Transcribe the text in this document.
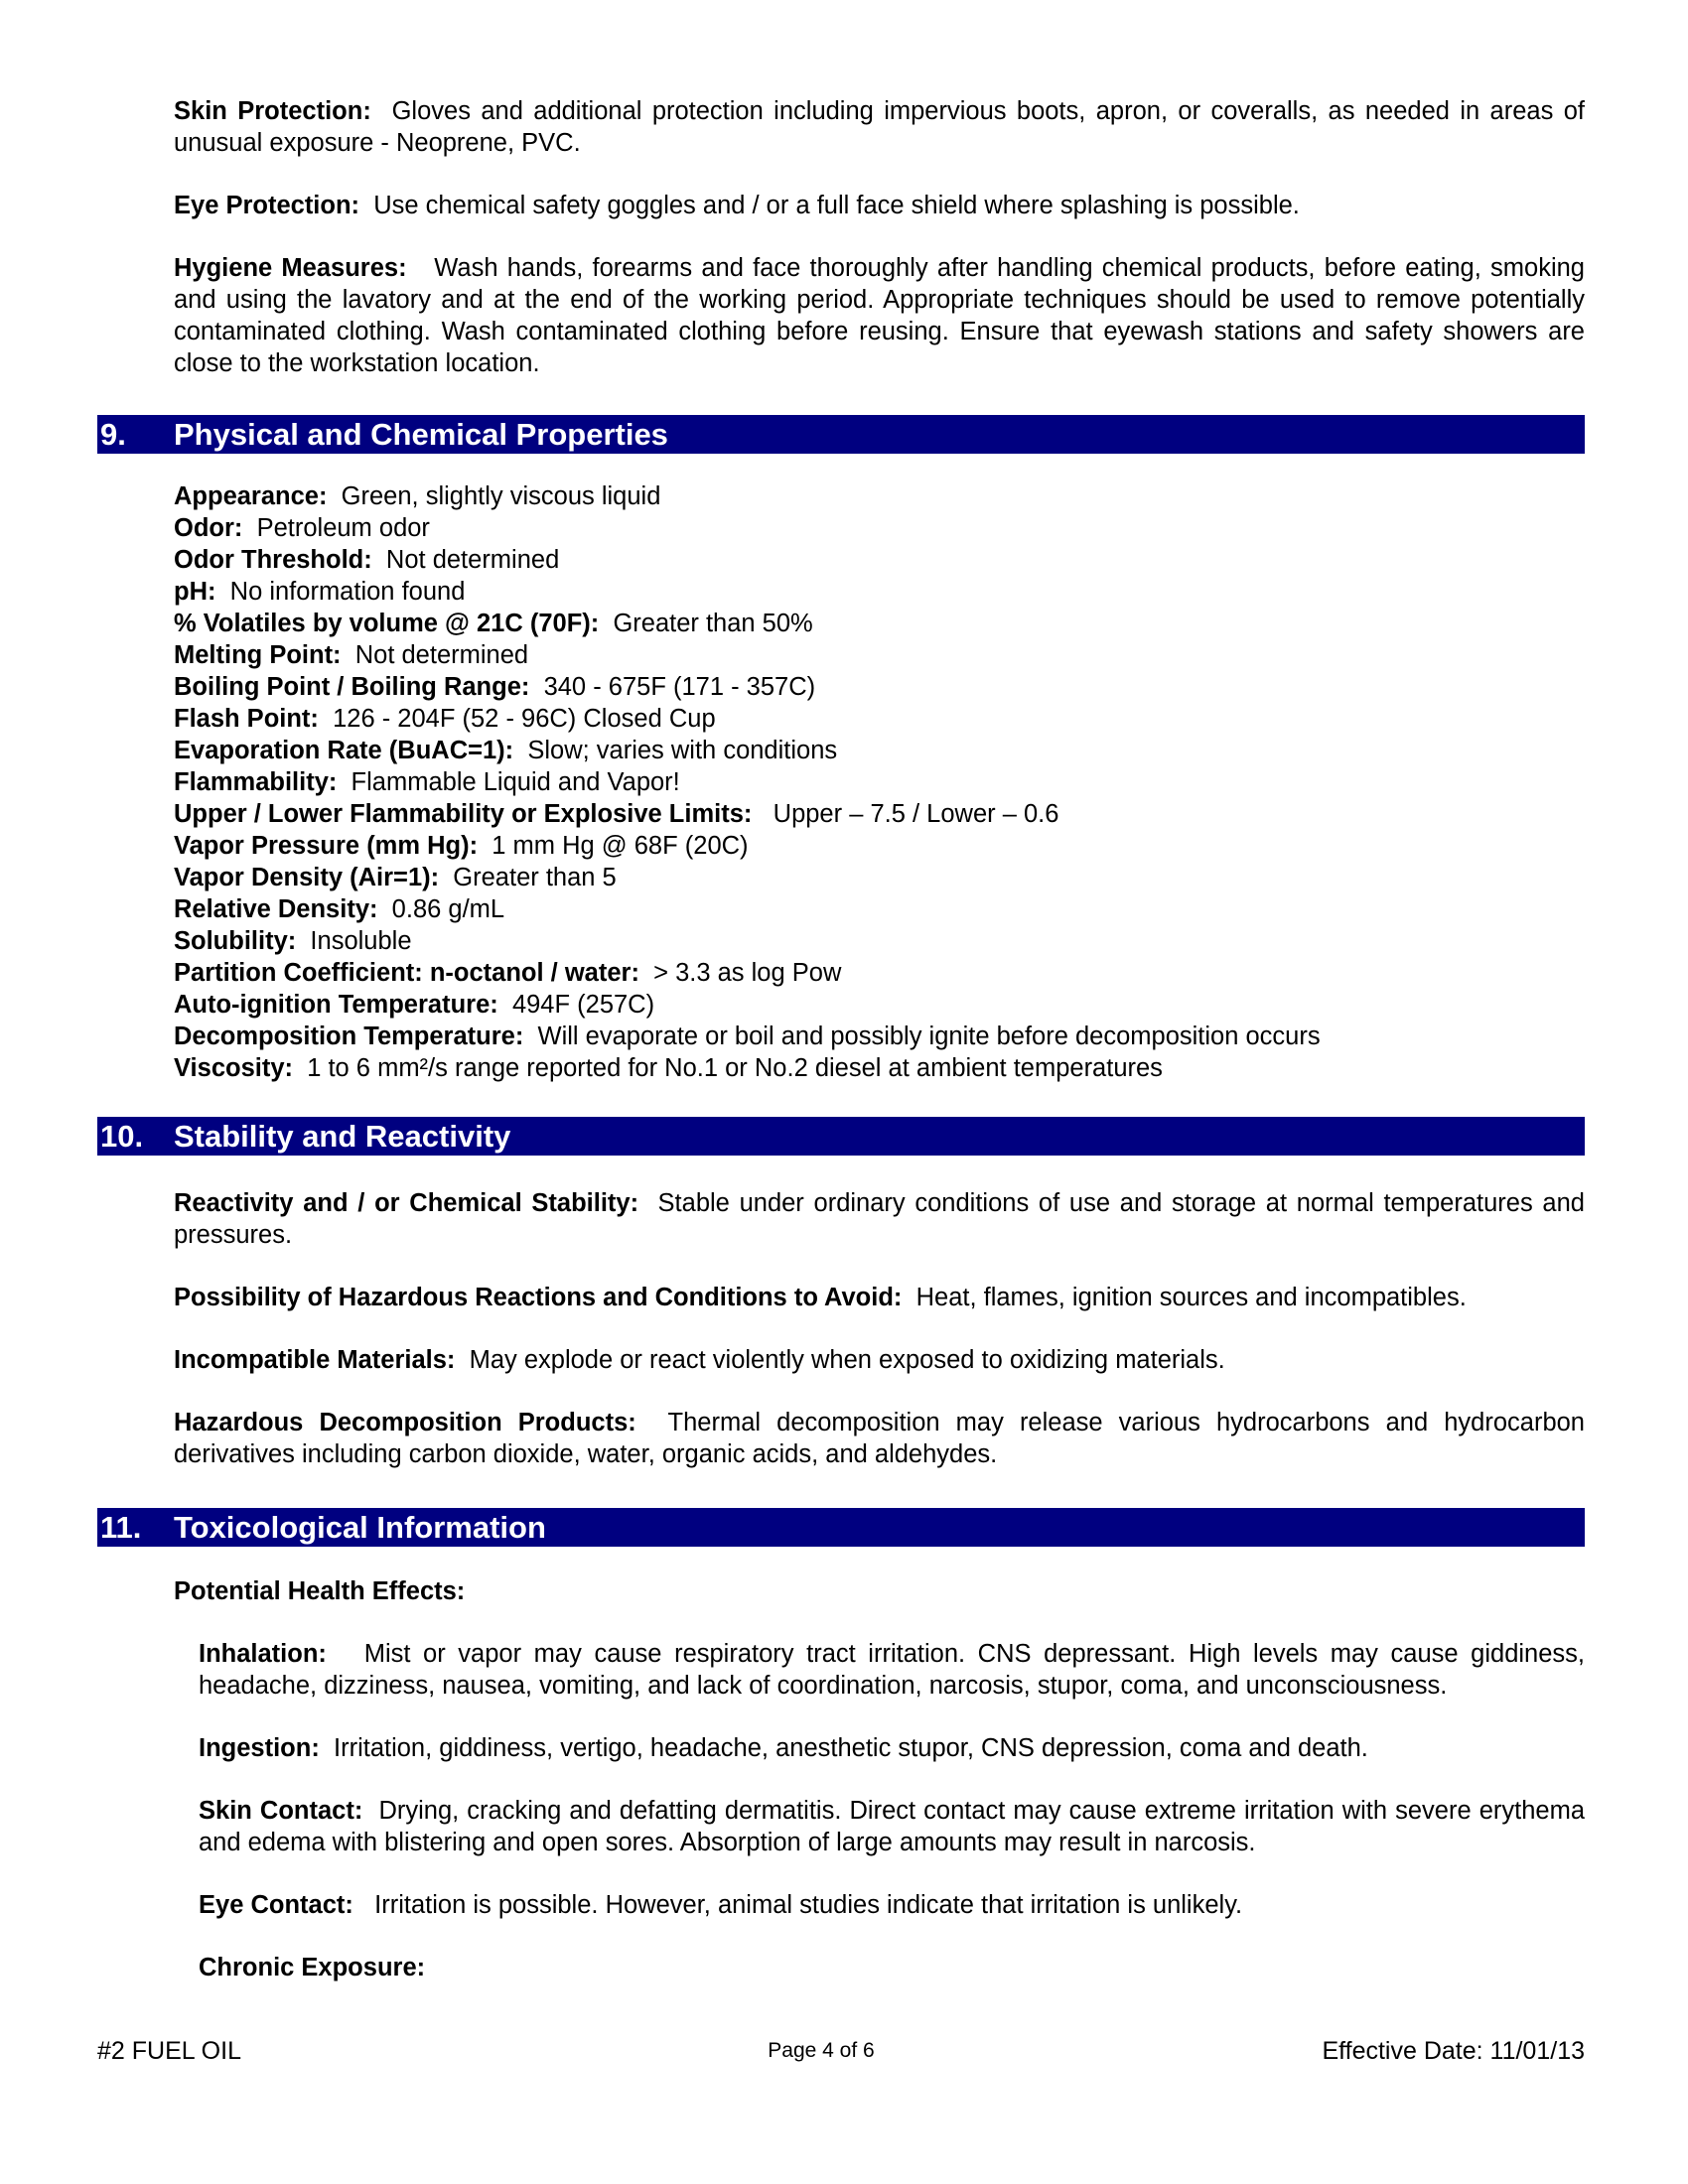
Skin Protection: Gloves and additional protection including impervious boots, apron, or coveralls, as needed in areas of unusual exposure - Neoprene, PVC.

Eye Protection: Use chemical safety goggles and / or a full face shield where splashing is possible.

Hygiene Measures: Wash hands, forearms and face thoroughly after handling chemical products, before eating, smoking and using the lavatory and at the end of the working period. Appropriate techniques should be used to remove potentially contaminated clothing. Wash contaminated clothing before reusing. Ensure that eyewash stations and safety showers are close to the workstation location.

9. Physical and Chemical Properties
Appearance: Green, slightly viscous liquid
Odor: Petroleum odor
Odor Threshold: Not determined
pH: No information found
% Volatiles by volume @ 21C (70F): Greater than 50%
Melting Point: Not determined
Boiling Point / Boiling Range: 340 - 675F (171 - 357C)
Flash Point: 126 - 204F (52 - 96C) Closed Cup
Evaporation Rate (BuAC=1): Slow; varies with conditions
Flammability: Flammable Liquid and Vapor!
Upper / Lower Flammability or Explosive Limits: Upper – 7.5 / Lower – 0.6
Vapor Pressure (mm Hg): 1 mm Hg @ 68F (20C)
Vapor Density (Air=1): Greater than 5
Relative Density: 0.86 g/mL
Solubility: Insoluble
Partition Coefficient: n-octanol / water: > 3.3 as log Pow
Auto-ignition Temperature: 494F (257C)
Decomposition Temperature: Will evaporate or boil and possibly ignite before decomposition occurs
Viscosity: 1 to 6 mm²/s range reported for No.1 or No.2 diesel at ambient temperatures
10. Stability and Reactivity

Reactivity and / or Chemical Stability: Stable under ordinary conditions of use and storage at normal temperatures and pressures.

Possibility of Hazardous Reactions and Conditions to Avoid: Heat, flames, ignition sources and incompatibles.

Incompatible Materials: May explode or react violently when exposed to oxidizing materials.

Hazardous Decomposition Products: Thermal decomposition may release various hydrocarbons and hydrocarbon derivatives including carbon dioxide, water, organic acids, and aldehydes.

11. Toxicological Information

Potential Health Effects:

Inhalation: Mist or vapor may cause respiratory tract irritation. CNS depressant. High levels may cause giddiness, headache, dizziness, nausea, vomiting, and lack of coordination, narcosis, stupor, coma, and unconsciousness.

Ingestion: Irritation, giddiness, vertigo, headache, anesthetic stupor, CNS depression, coma and death.

Skin Contact: Drying, cracking and defatting dermatitis. Direct contact may cause extreme irritation with severe erythema and edema with blistering and open sores. Absorption of large amounts may result in narcosis.

Eye Contact: Irritation is possible. However, animal studies indicate that irritation is unlikely.

Chronic Exposure:

#2 FUEL OIL	Page 4 of 6	Effective Date: 11/01/13
